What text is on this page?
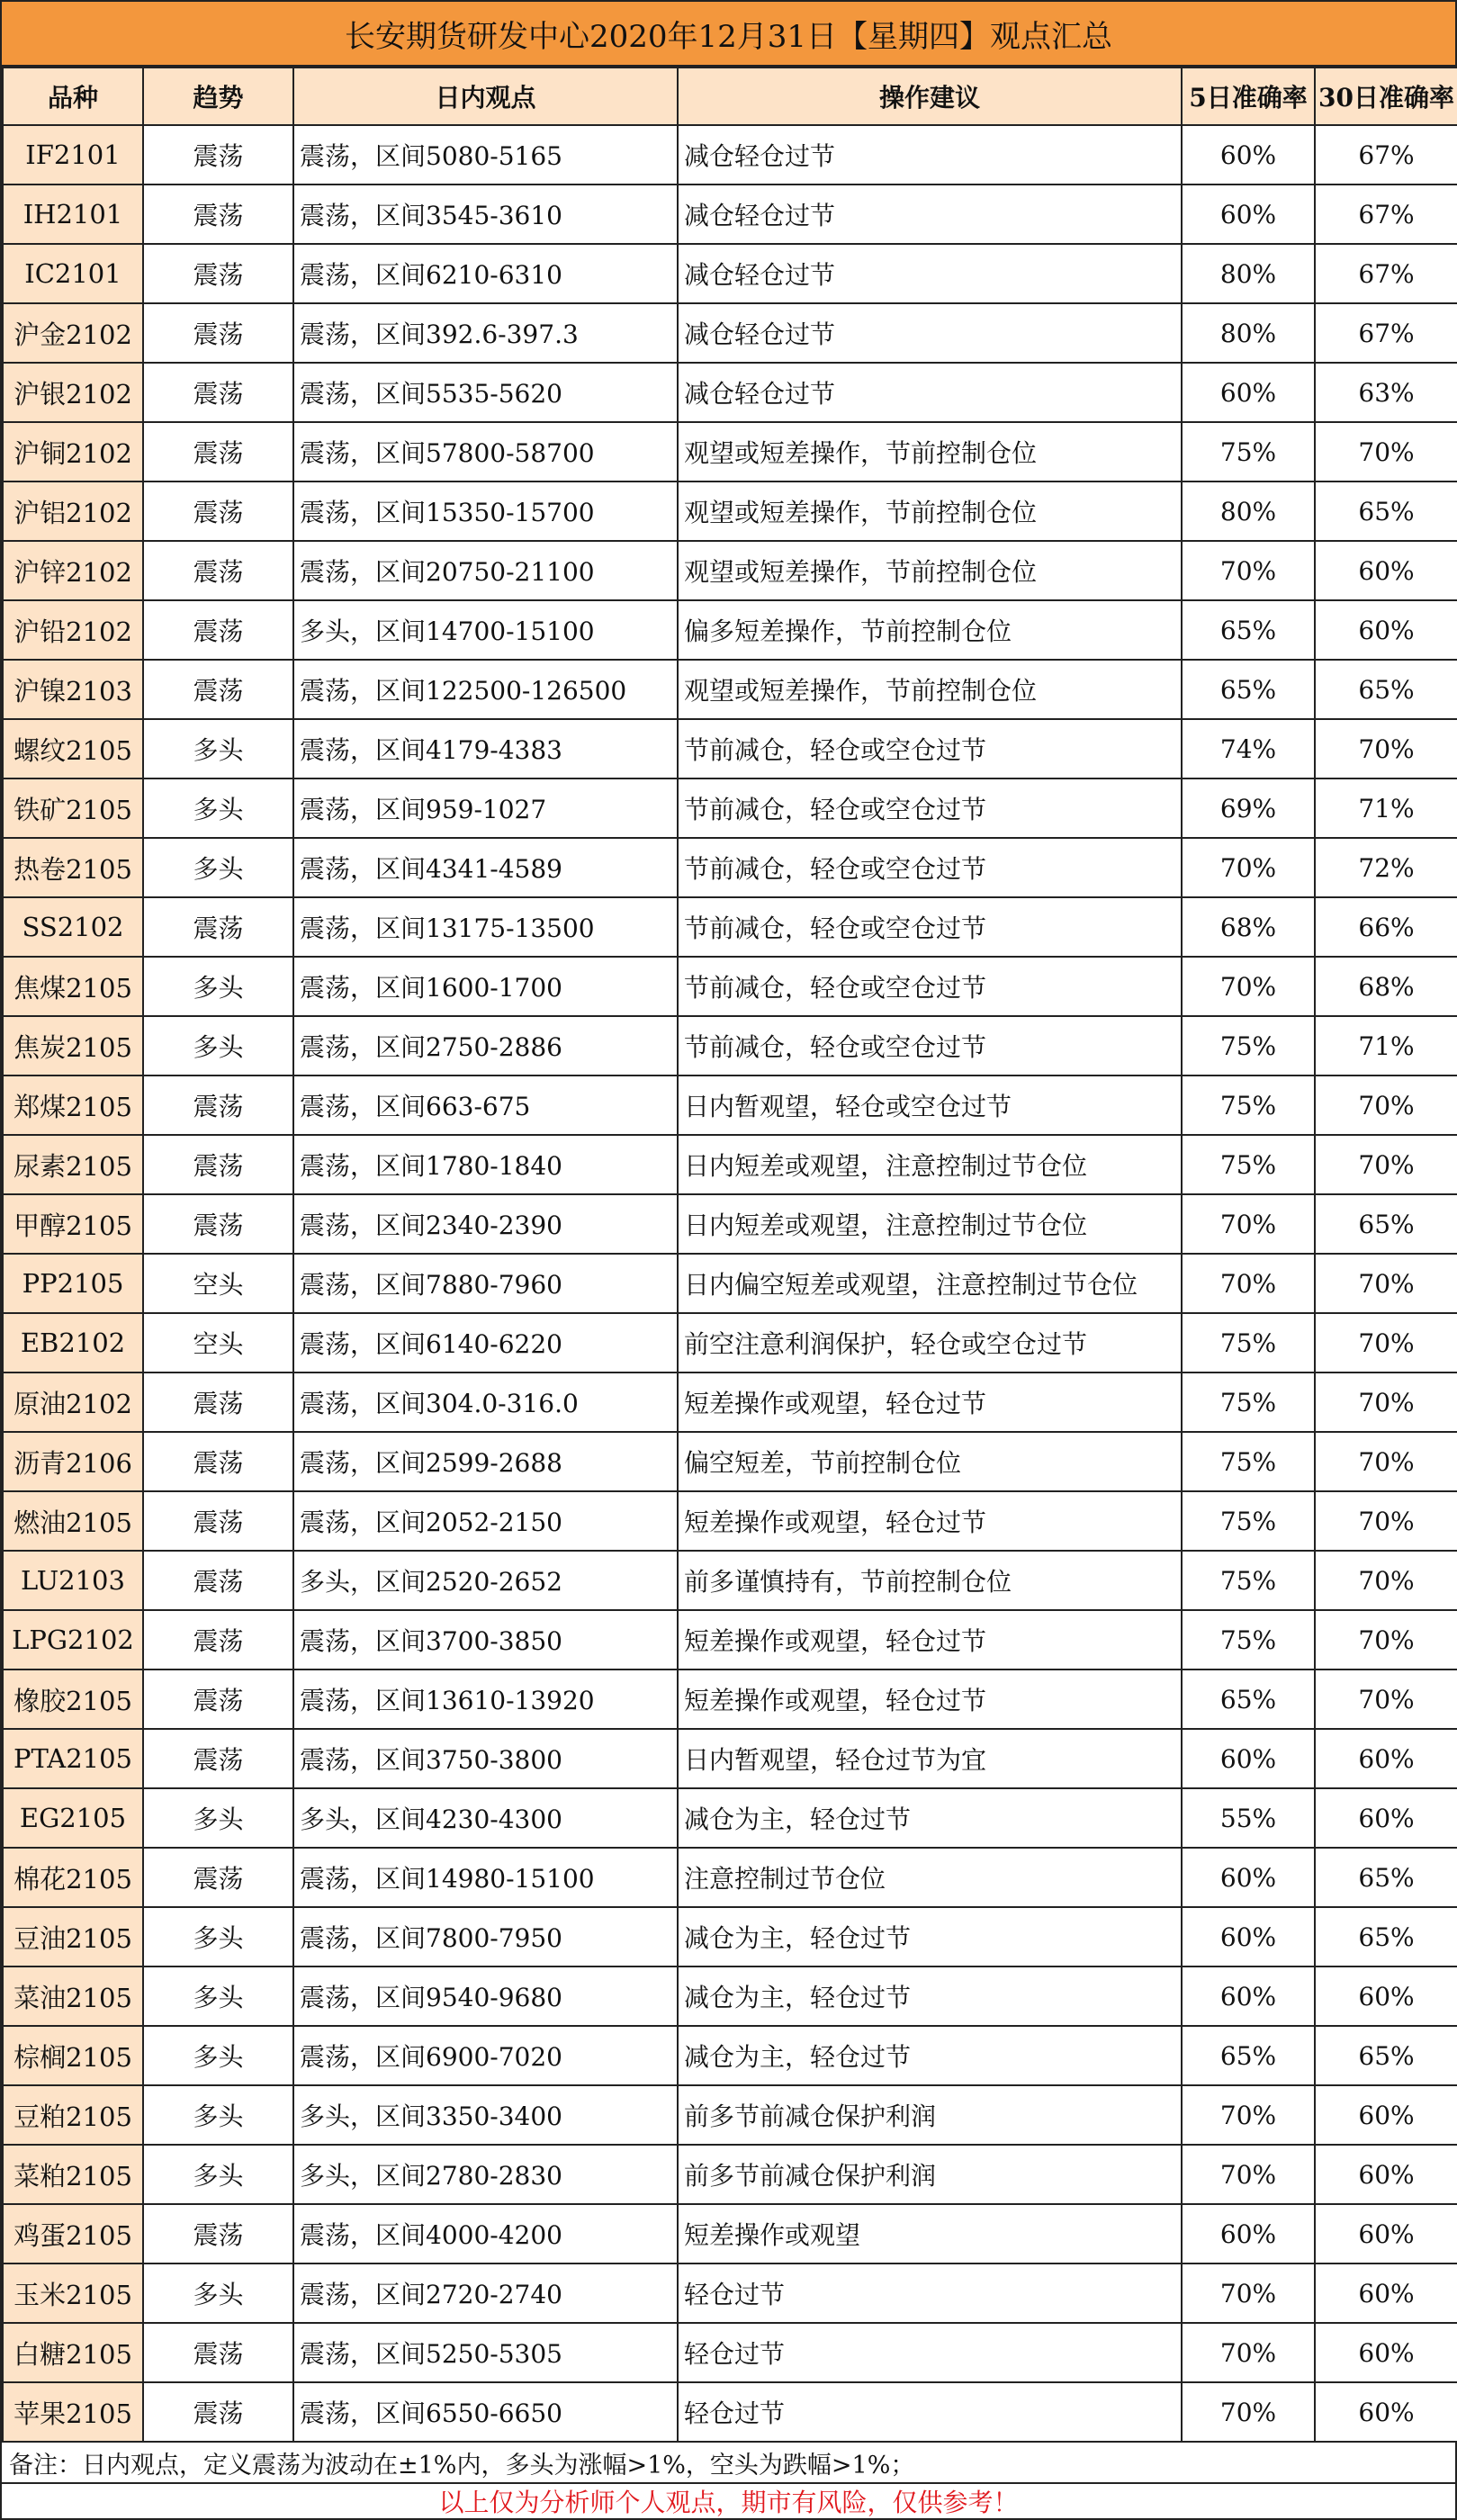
长安期货研发中心2020年12月31日【星期四】观点汇总
品种	趋势	日内观点	操作建议	5日准确率	30日准确率
IF2101	震荡	震荡，区间5080-5165	减仓轻仓过节	60%	67%
IH2101	震荡	震荡，区间3545-3610	减仓轻仓过节	60%	67%
IC2101	震荡	震荡，区间6210-6310	减仓轻仓过节	80%	67%
沪金2102	震荡	震荡，区间392.6-397.3	减仓轻仓过节	80%	67%
沪银2102	震荡	震荡，区间5535-5620	减仓轻仓过节	60%	63%
沪铜2102	震荡	震荡，区间57800-58700	观望或短差操作，节前控制仓位	75%	70%
沪铝2102	震荡	震荡，区间15350-15700	观望或短差操作，节前控制仓位	80%	65%
沪锌2102	震荡	震荡，区间20750-21100	观望或短差操作，节前控制仓位	70%	60%
沪铅2102	震荡	多头，区间14700-15100	偏多短差操作，节前控制仓位	65%	60%
沪镍2103	震荡	震荡，区间122500-126500	观望或短差操作，节前控制仓位	65%	65%
螺纹2105	多头	震荡，区间4179-4383	节前减仓，轻仓或空仓过节	74%	70%
铁矿2105	多头	震荡，区间959-1027	节前减仓，轻仓或空仓过节	69%	71%
热卷2105	多头	震荡，区间4341-4589	节前减仓，轻仓或空仓过节	70%	72%
SS2102	震荡	震荡，区间13175-13500	节前减仓，轻仓或空仓过节	68%	66%
焦煤2105	多头	震荡，区间1600-1700	节前减仓，轻仓或空仓过节	70%	68%
焦炭2105	多头	震荡，区间2750-2886	节前减仓，轻仓或空仓过节	75%	71%
郑煤2105	震荡	震荡，区间663-675	日内暂观望，轻仓或空仓过节	75%	70%
尿素2105	震荡	震荡，区间1780-1840	日内短差或观望，注意控制过节仓位	75%	70%
甲醇2105	震荡	震荡，区间2340-2390	日内短差或观望，注意控制过节仓位	70%	65%
PP2105	空头	震荡，区间7880-7960	日内偏空短差或观望，注意控制过节仓位	70%	70%
EB2102	空头	震荡，区间6140-6220	前空注意利润保护，轻仓或空仓过节	75%	70%
原油2102	震荡	震荡，区间304.0-316.0	短差操作或观望，轻仓过节	75%	70%
沥青2106	震荡	震荡，区间2599-2688	偏空短差，节前控制仓位	75%	70%
燃油2105	震荡	震荡，区间2052-2150	短差操作或观望，轻仓过节	75%	70%
LU2103	震荡	多头，区间2520-2652	前多谨慎持有，节前控制仓位	75%	70%
LPG2102	震荡	震荡，区间3700-3850	短差操作或观望，轻仓过节	75%	70%
橡胶2105	震荡	震荡，区间13610-13920	短差操作或观望，轻仓过节	65%	70%
PTA2105	震荡	震荡，区间3750-3800	日内暂观望，轻仓过节为宜	60%	60%
EG2105	多头	多头，区间4230-4300	减仓为主，轻仓过节	55%	60%
棉花2105	震荡	震荡，区间14980-15100	注意控制过节仓位	60%	65%
豆油2105	多头	震荡，区间7800-7950	减仓为主，轻仓过节	60%	65%
菜油2105	多头	震荡，区间9540-9680	减仓为主，轻仓过节	60%	60%
棕榈2105	多头	震荡，区间6900-7020	减仓为主，轻仓过节	65%	65%
豆粕2105	多头	多头，区间3350-3400	前多节前减仓保护利润	70%	60%
菜粕2105	多头	多头，区间2780-2830	前多节前减仓保护利润	70%	60%
鸡蛋2105	震荡	震荡，区间4000-4200	短差操作或观望	60%	60%
玉米2105	多头	震荡，区间2720-2740	轻仓过节	70%	60%
白糖2105	震荡	震荡，区间5250-5305	轻仓过节	70%	60%
苹果2105	震荡	震荡，区间6550-6650	轻仓过节	70%	60%
备注：日内观点，定义震荡为波动在±1%内，多头为涨幅>1%，空头为跌幅>1%；
以上仅为分析师个人观点，期市有风险，仅供参考！
